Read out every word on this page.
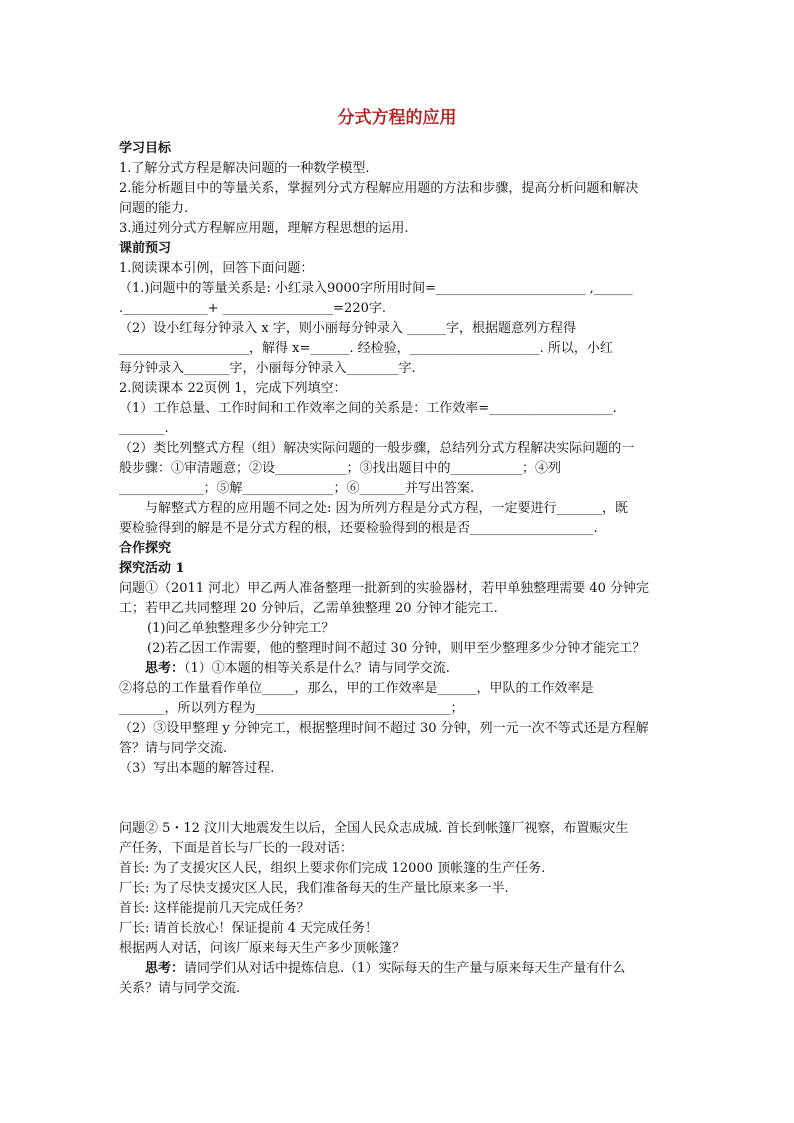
分式方程的应用
学习目标
1.了解分式方程是解决问题的一种数学模型.
2.能分析题目中的等量关系，掌握列分式方程解应用题的方法和步骤，提高分析问题和解决
问题的能力.
3.通过列分式方程解应用题，理解方程思想的运用.
课前预习
1.阅读课本引例，回答下面问题：
（1.)问题中的等量关系是: 小红录入9000字所用时间=_______________________ ,______
._____________+ _________________=220字.
（2）设小红每分钟录入 x 字，则小丽每分钟录入 ______字，根据题意列方程得
____________________，解得 x=______. 经检验，____________________. 所以，小红
每分钟录入_______字，小丽每分钟录入________字.
2.阅读课本 22页例 1，完成下列填空：
（1）工作总量、工作时间和工作效率之间的关系是：工作效率=___________________.
_______.
（2）类比列整式方程（组）解决实际问题的一般步骤，总结列分式方程解决实际问题的一
般步骤：①审清题意；②设___________；③找出题目中的___________；④列
_____________；⑤解______________；⑥_______并写出答案.
与解整式方程的应用题不同之处: 因为所列方程是分式方程，一定要进行_______，既
要检验得到的解是不是分式方程的根，还要检验得到的根是否___________________.
合作探究
探究活动 1
问题①（2011 河北）甲乙两人准备整理一批新到的实验器材，若甲单独整理需要 40 分钟完
工；若甲乙共同整理 20 分钟后，乙需单独整理 20 分钟才能完工.
(1)问乙单独整理多少分钟完工？
(2)若乙因工作需要，他的整理时间不超过 30 分钟，则甲至少整理多少分钟才能完工？
思考：（1）①本题的相等关系是什么？请与同学交流.
②将总的工作量看作单位_____，那么，甲的工作效率是______，甲队的工作效率是
_______，所以列方程为______________________________；
（2）③设甲整理 y 分钟完工，根据整理时间不超过 30 分钟，列一元一次不等式还是方程解
答？请与同学交流.
（3）写出本题的解答过程.
问题② 5・12 汶川大地震发生以后，全国人民众志成城. 首长到帐篷厂视察，布置赈灾生
产任务，下面是首长与厂长的一段对话：
首长: 为了支援灾区人民，组织上要求你们完成 12000 顶帐篷的生产任务.
厂长: 为了尽快支援灾区人民，我们准备每天的生产量比原来多一半.
首长: 这样能提前几天完成任务？
厂长: 请首长放心！保证提前 4 天完成任务！
根据两人对话，问该厂原来每天生产多少顶帐篷？
思考：请同学们从对话中提炼信息.（1）实际每天的生产量与原来每天生产量有什么
关系？请与同学交流.
